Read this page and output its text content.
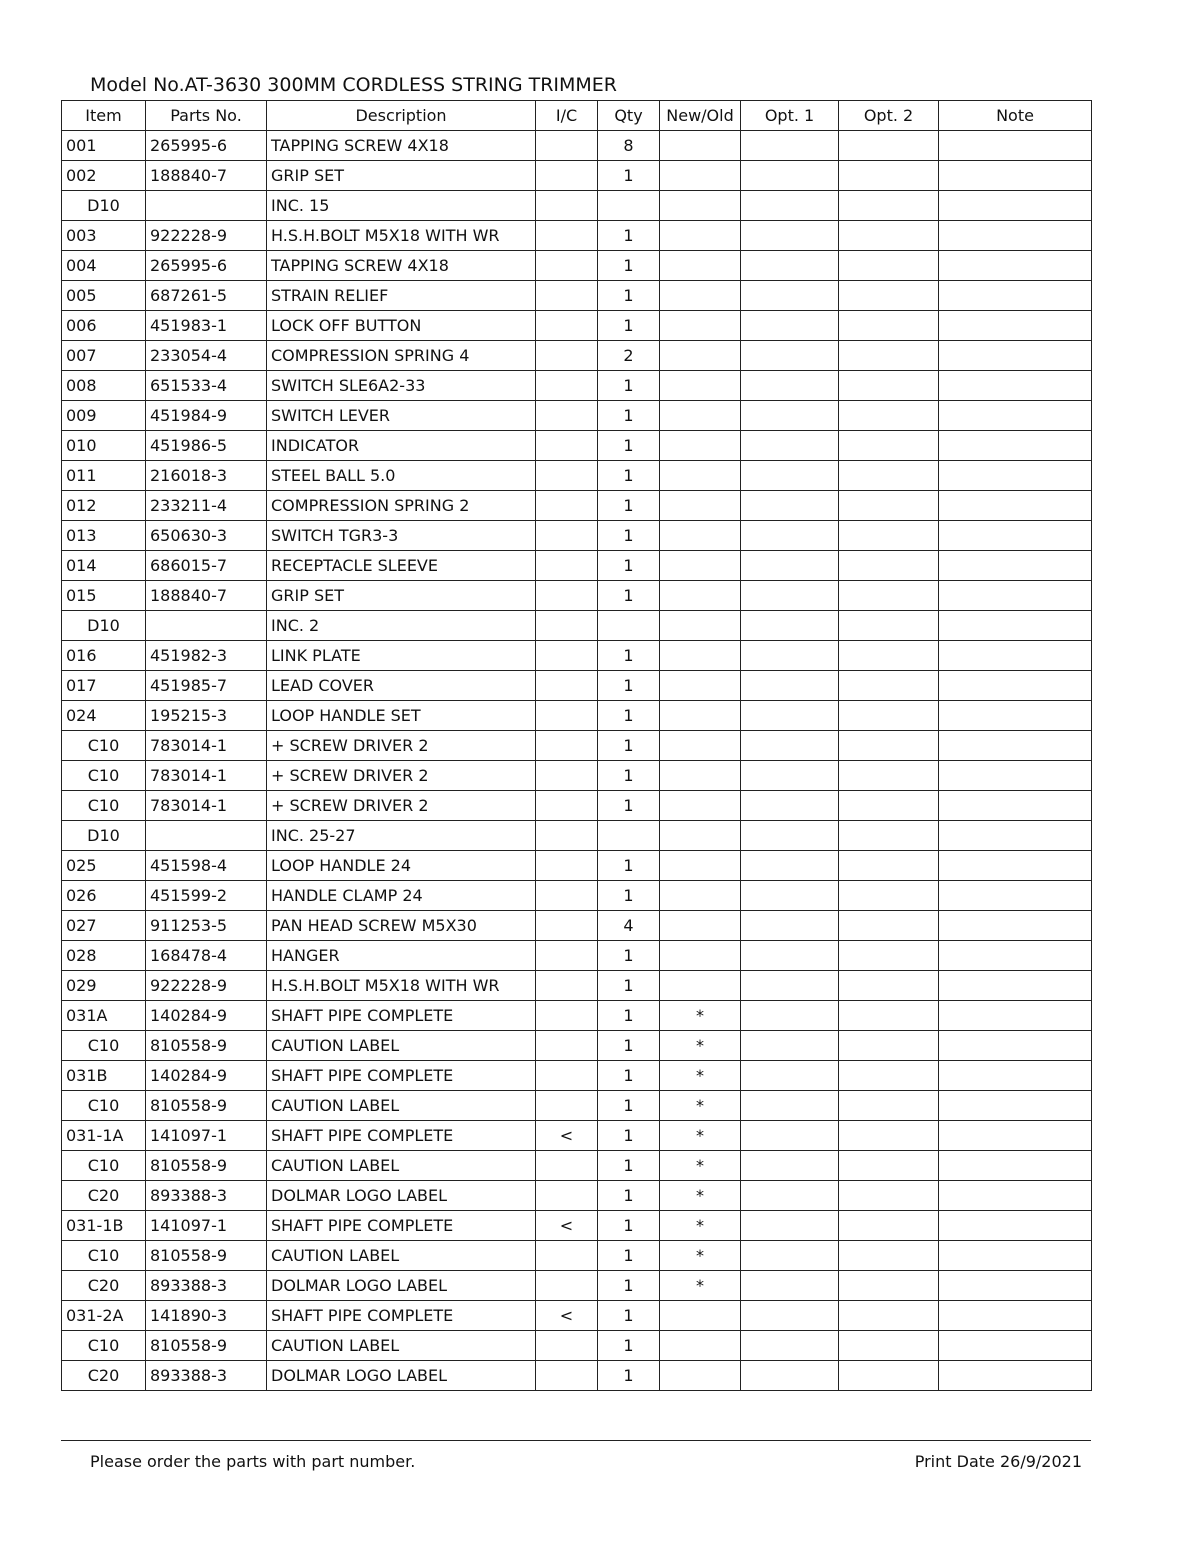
Model No.AT-3630 300MM CORDLESS STRING TRIMMER
Item	Parts No.	Description	I/C	Qty	New/Old	Opt. 1	Opt. 2	Note
001	265995-6	TAPPING SCREW 4X18		8				
002	188840-7	GRIP SET		1				
D10		INC. 15						
003	922228-9	H.S.H.BOLT M5X18 WITH WR		1				
004	265995-6	TAPPING SCREW 4X18		1				
005	687261-5	STRAIN RELIEF		1				
006	451983-1	LOCK OFF BUTTON		1				
007	233054-4	COMPRESSION SPRING 4		2				
008	651533-4	SWITCH SLE6A2-33		1				
009	451984-9	SWITCH LEVER		1				
010	451986-5	INDICATOR		1				
011	216018-3	STEEL BALL 5.0		1				
012	233211-4	COMPRESSION SPRING 2		1				
013	650630-3	SWITCH TGR3-3		1				
014	686015-7	RECEPTACLE SLEEVE		1				
015	188840-7	GRIP SET		1				
D10		INC. 2						
016	451982-3	LINK PLATE		1				
017	451985-7	LEAD COVER		1				
024	195215-3	LOOP HANDLE SET		1				
C10	783014-1	+ SCREW DRIVER 2		1				
C10	783014-1	+ SCREW DRIVER 2		1				
C10	783014-1	+ SCREW DRIVER 2		1				
D10		INC. 25-27						
025	451598-4	LOOP HANDLE 24		1				
026	451599-2	HANDLE CLAMP 24		1				
027	911253-5	PAN HEAD SCREW M5X30		4				
028	168478-4	HANGER		1				
029	922228-9	H.S.H.BOLT M5X18 WITH WR		1				
031A	140284-9	SHAFT PIPE COMPLETE		1	*			
C10	810558-9	CAUTION LABEL		1	*			
031B	140284-9	SHAFT PIPE COMPLETE		1	*			
C10	810558-9	CAUTION LABEL		1	*			
031-1A	141097-1	SHAFT PIPE COMPLETE	<	1	*			
C10	810558-9	CAUTION LABEL		1	*			
C20	893388-3	DOLMAR LOGO LABEL		1	*			
031-1B	141097-1	SHAFT PIPE COMPLETE	<	1	*			
C10	810558-9	CAUTION LABEL		1	*			
C20	893388-3	DOLMAR LOGO LABEL		1	*			
031-2A	141890-3	SHAFT PIPE COMPLETE	<	1				
C10	810558-9	CAUTION LABEL		1				
C20	893388-3	DOLMAR LOGO LABEL		1				
Please order the parts with part number.	Print Date 26/9/2021
